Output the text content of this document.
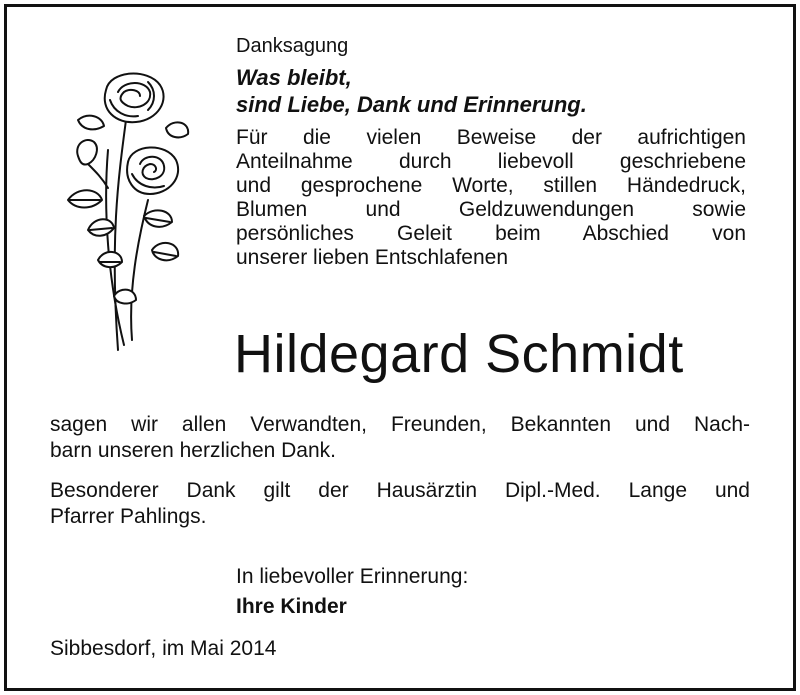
Danksagung
Was bleibt,
sind Liebe, Dank und Erinnerung.
Für die vielen Beweise der aufrichtigen
Anteilnahme durch liebevoll geschriebene
und gesprochene Worte, stillen Händedruck,
Blumen und Geldzuwendungen sowie
persönliches Geleit beim Abschied von
unserer lieben Entschlafenen
Hildegard Schmidt

sagen wir allen Verwandten, Freunden, Bekannten und Nach-
barn unseren herzlichen Dank.

Besonderer Dank gilt der Hausärztin Dipl.-Med. Lange und
Pfarrer Pahlings.

In liebevoller Erinnerung:
Ihre Kinder
Sibbesdorf, im Mai 2014
